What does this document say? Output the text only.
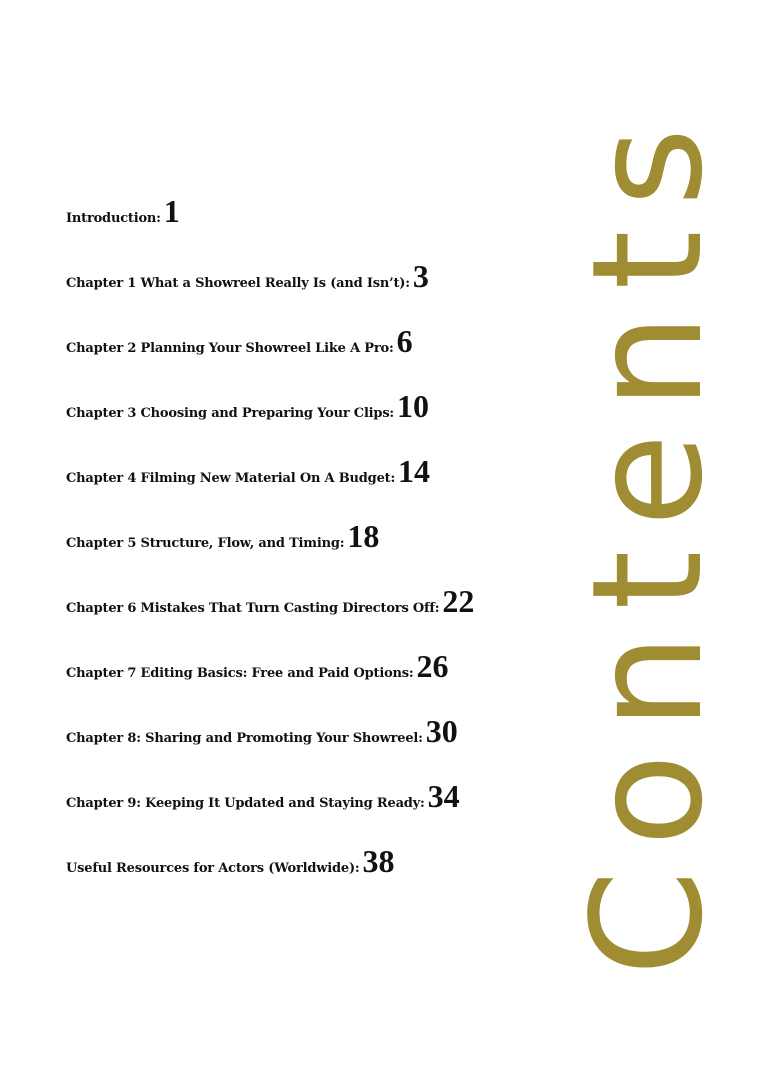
Introduction: 1
Chapter 1 What a Showreel Really Is (and Isn’t): 3
Chapter 2 Planning Your Showreel Like A Pro: 6
Chapter 3 Choosing and Preparing Your Clips: 10
Chapter 4 Filming New Material On A Budget: 14
Chapter 5 Structure, Flow, and Timing: 18
Chapter 6 Mistakes That Turn Casting Directors Off: 22
Chapter 7 Editing Basics: Free and Paid Options: 26
Chapter 8: Sharing and Promoting Your Showreel: 30
Chapter 9: Keeping It Updated and Staying Ready: 34
Useful Resources for Actors (Worldwide): 38 Contents
